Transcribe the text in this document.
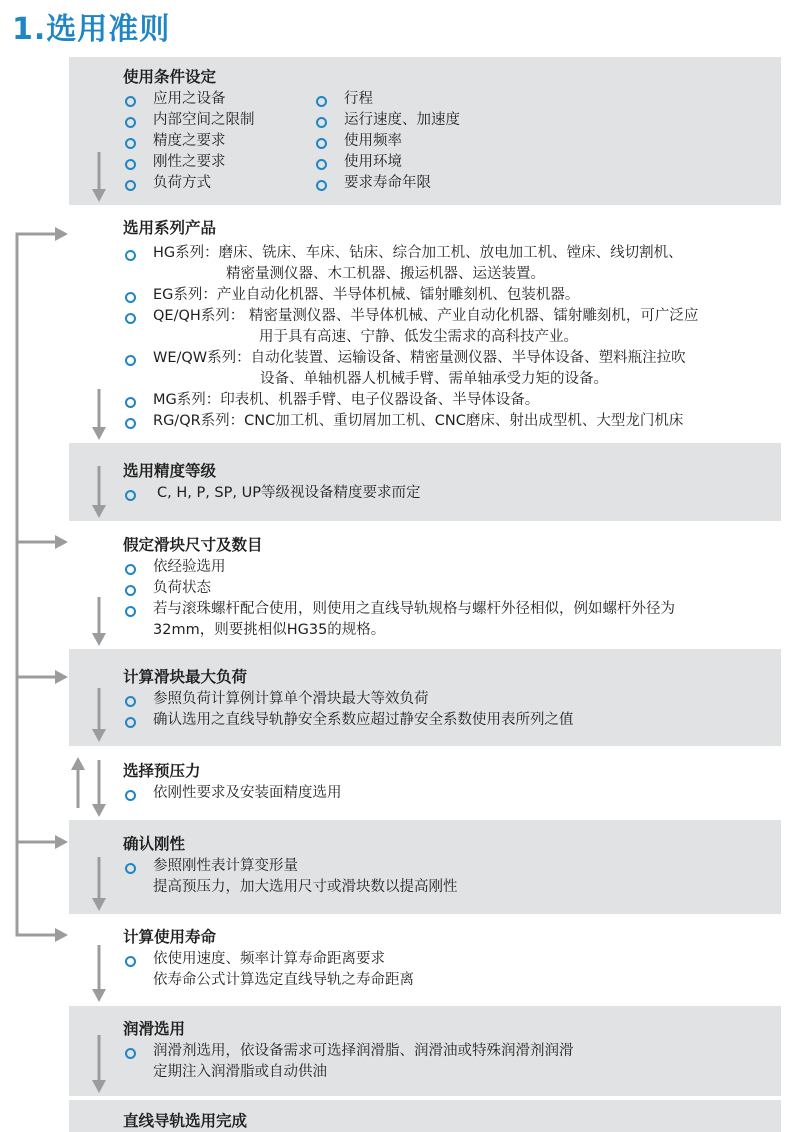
1.选用准则
使用条件设定
应用之设备
内部空间之限制
精度之要求
刚性之要求
负荷方式
行程
运行速度、加速度
使用频率
使用环境
要求寿命年限
选用系列产品
HG系列：磨床、铣床、车床、钻床、综合加工机、放电加工机、镗床、线切割机、
精密量测仪器、木工机器、搬运机器、运送装置。
EG系列：产业自动化机器、半导体机械、镭射雕刻机、包装机器。
QE/QH系列： 精密量测仪器、半导体机械、产业自动化机器、镭射雕刻机，可广泛应
用于具有高速、宁静、低发尘需求的高科技产业。
WE/QW系列：自动化装置、运输设备、精密量测仪器、半导体设备、塑料瓶注拉吹
设备、单轴机器人机械手臂、需单轴承受力矩的设备。
MG系列：印表机、机器手臂、电子仪器设备、半导体设备。
RG/QR系列：CNC加工机、重切屑加工机、CNC磨床、射出成型机、大型龙门机床
选用精度等级
C, H, P, SP, UP等级视设备精度要求而定
假定滑块尺寸及数目
依经验选用
负荷状态
若与滚珠螺杆配合使用，则使用之直线导轨规格与螺杆外径相似，例如螺杆外径为
32mm，则要挑相似HG35的规格。
计算滑块最大负荷
参照负荷计算例计算单个滑块最大等效负荷
确认选用之直线导轨静安全系数应超过静安全系数使用表所列之值
选择预压力
依刚性要求及安装面精度选用
确认刚性
参照刚性表计算变形量
提高预压力，加大选用尺寸或滑块数以提高刚性
计算使用寿命
依使用速度、频率计算寿命距离要求
依寿命公式计算选定直线导轨之寿命距离
润滑选用
润滑剂选用，依设备需求可选择润滑脂、润滑油或特殊润滑剂润滑
定期注入润滑脂或自动供油
直线导轨选用完成
